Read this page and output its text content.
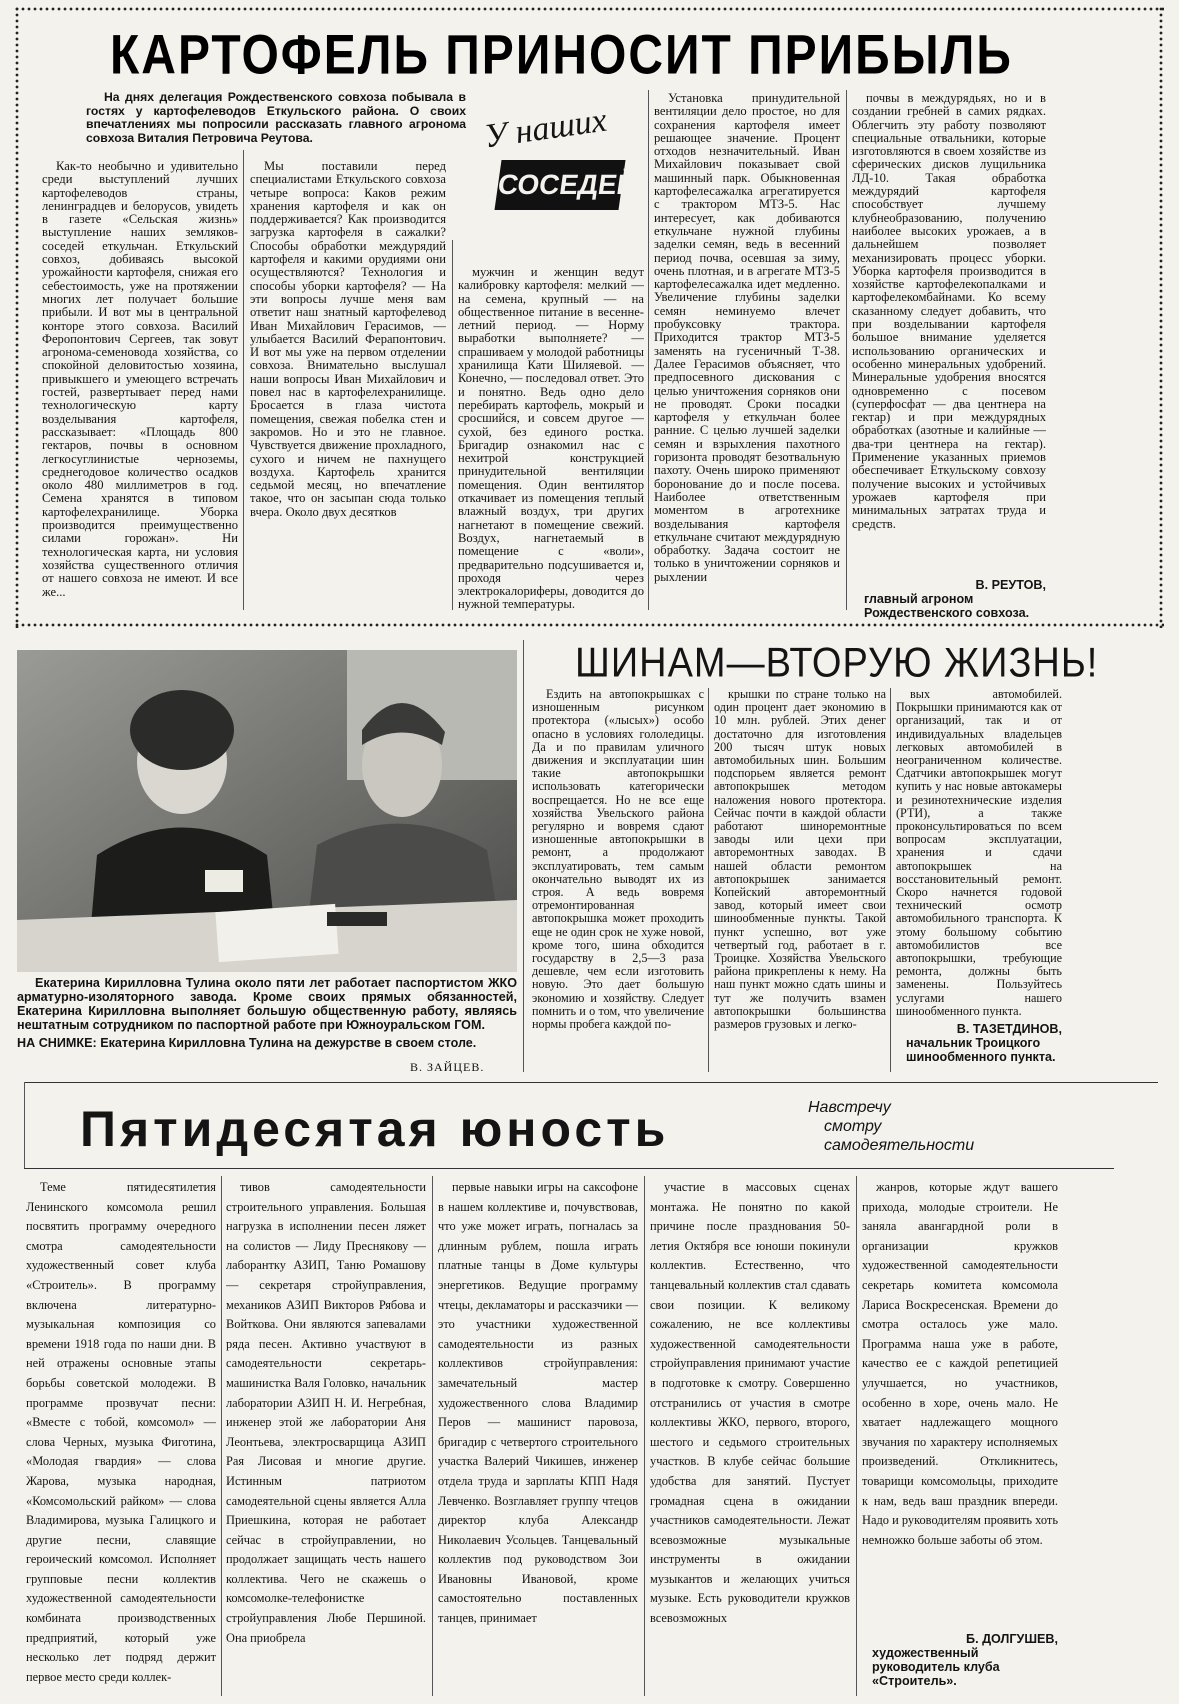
КАРТОФЕЛЬ ПРИНОСИТ ПРИБЫЛЬ
На днях делегация Рождественского совхоза побывала в гостях у картофелеводов Еткульского района. О своих впечатлениях мы попросили рассказать главного агронома совхоза Виталия Петровича Реутова.	У наших
СОСЕДЕЙ

Как-то необычно и удивительно среди выступлений лучших картофелеводов страны, ленинградцев и белорусов, увидеть в газете «Сельская жизнь» выступление наших земляков-соседей еткульчан. Еткульский совхоз, добиваясь высокой урожайности картофеля, снижая его себестоимость, уже на протяжении многих лет получает большие прибыли. И вот мы в центральной конторе этого совхоза. Василий Феропонтович Сергеев, так зовут агронома-семеновода хозяйства, со спокойной деловитостью хозяина, привыкшего и умеющего встречать гостей, развертывает перед нами технологическую карту возделывания картофеля, рассказывает: «Площадь 800 гектаров, почвы в основном легкосуглинистые черноземы, среднегодовое количество осадков около 480 миллиметров в год. Семена хранятся в типовом картофелехранилище. Уборка производится преимущественно силами горожан». Ни технологическая карта, ни условия хозяйства существенного отличия от нашего совхоза не имеют. И все же...

Мы поставили перед специалистами Еткульского совхоза четыре вопроса: Каков режим хранения картофеля и как он поддерживается? Как производится загрузка картофеля в сажалки? Способы обработки междурядий картофеля и какими орудиями они осуществляются? Технология и способы уборки картофеля? — На эти вопросы лучше меня вам ответит наш знатный картофелевод Иван Михайлович Герасимов, — улыбается Василий Ферапонтович. И вот мы уже на первом отделении совхоза. Внимательно выслушал наши вопросы Иван Михайлович и повел нас в картофелехранилище. Бросается в глаза чистота помещения, свежая побелка стен и закромов. Но и это не главное. Чувствуется движение прохладного, сухого и ничем не пахнущего воздуха. Картофель хранится седьмой месяц, но впечатление такое, что он засыпан сюда только вчера. Около двух десятков

мужчин и женщин ведут калибровку картофеля: мелкий — на семена, крупный — на общественное питание в весенне-летний период. — Норму выработки выполняете? — спрашиваем у молодой работницы хранилища Кати Шиляевой. — Конечно, — последовал ответ. Это и понятно. Ведь одно дело перебирать картофель, мокрый и сросшийся, и совсем другое — сухой, без единого ростка. Бригадир ознакомил нас с нехитрой конструкцией принудительной вентиляции помещения. Один вентилятор откачивает из помещения теплый влажный воздух, три других нагнетают в помещение свежий. Воздух, нагнетаемый в помещение с «воли», предварительно подсушивается и, проходя через электрокалориферы, доводится до нужной температуры.

Установка принудительной вентиляции дело простое, но для сохранения картофеля имеет решающее значение. Процент отходов незначительный. Иван Михайлович показывает свой машинный парк. Обыкновенная картофелесажалка агрегатируется с трактором МТЗ-5. Нас интересует, как добиваются еткульчане нужной глубины заделки семян, ведь в весенний период почва, осевшая за зиму, очень плотная, и в агрегате МТЗ-5 картофелесажалка идет медленно. Увеличение глубины заделки семян неминуемо влечет пробуксовку трактора. Приходится трактор МТЗ-5 заменять на гусеничный Т-38. Далее Герасимов объясняет, что предпосевного дискования с целью уничтожения сорняков они не проводят. Сроки посадки картофеля у еткульчан более ранние. С целью лучшей заделки семян и взрыхления пахотного горизонта проводят безотвальную пахоту. Очень широко применяют боронование до и после посева. Наиболее ответственным моментом в агротехнике возделывания картофеля еткульчане считают междурядную обработку. Задача состоит не только в уничтожении сорняков и рыхлении

почвы в междурядьях, но и в создании гребней в самих рядках. Облегчить эту работу позволяют специальные отвальники, которые изготовляются в своем хозяйстве из сферических дисков лущильника ЛД-10. Такая обработка междурядий картофеля способствует лучшему клубнеобразованию, получению наиболее высоких урожаев, а в дальнейшем позволяет механизировать процесс уборки. Уборка картофеля производится в хозяйстве картофелекопалками и картофелекомбайнами. Ко всему сказанному следует добавить, что при возделывании картофеля большое внимание уделяется использованию органических и особенно минеральных удобрений. Минеральные удобрения вносятся одновременно с посевом (суперфосфат — два центнера на гектар) и при междурядных обработках (азотные и калийные — два-три центнера на гектар). Применение указанных приемов обеспечивает Еткульскому совхозу получение высоких и устойчивых урожаев картофеля при минимальных затратах труда и средств.

В. РЕУТОВ,
главный агроном Рождественского совхоза.
Екатерина Кирилловна Тулина около пяти лет работает паспортистом ЖКО арматурно-изоляторного завода. Кроме своих прямых обязанностей, Екатерина Кирилловна выполняет большую общественную работу, являясь нештатным сотрудником по паспортной работе при Южноуральском ГОМ.
НА СНИМКЕ: Екатерина Кирилловна Тулина на дежурстве в своем столе.
В. ЗАЙЦЕВ.
ШИНАМ—ВТОРУЮ ЖИЗНЬ!

Ездить на автопокрышках с изношенным рисунком протектора («лысых») особо опасно в условиях гололедицы. Да и по правилам уличного движения и эксплуатации шин такие автопокрышки использовать категорически воспрещается. Но не все еще хозяйства Увельского района регулярно и вовремя сдают изношенные автопокрышки в ремонт, а продолжают эксплуатировать, тем самым окончательно выводят их из строя. А ведь вовремя отремонтированная автопокрышка может проходить еще не один срок не хуже новой, кроме того, шина обходится государству в 2,5—3 раза дешевле, чем если изготовить новую. Это дает большую экономию и хозяйству. Следует помнить и о том, что увеличение нормы пробега каждой по-

крышки по стране только на один процент дает экономию в 10 млн. рублей. Этих денег достаточно для изготовления 200 тысяч штук новых автомобильных шин. Большим подспорьем является ремонт автопокрышек методом наложения нового протектора. Сейчас почти в каждой области работают шиноремонтные заводы или цехи при авторемонтных заводах. В нашей области ремонтом автопокрышек занимается Копейский авторемонтный завод, который имеет свои шинообменные пункты. Такой пункт успешно, вот уже четвертый год, работает в г. Троицке. Хозяйства Увельского района прикреплены к нему. На наш пункт можно сдать шины и тут же получить взамен автопокрышки большинства размеров грузовых и легко-

вых автомобилей. Покрышки принимаются как от организаций, так и от индивидуальных владельцев легковых автомобилей в неограниченном количестве. Сдатчики автопокрышек могут купить у нас новые автокамеры и резинотехнические изделия (РТИ), а также проконсультироваться по всем вопросам эксплуатации, хранения и сдачи автопокрышек на восстановительный ремонт. Скоро начнется годовой технический осмотр автомобильного транспорта. К этому большому событию автомобилистов все автопокрышки, требующие ремонта, должны быть заменены. Пользуйтесь услугами нашего шинообменного пункта.

В. ТАЗЕТДИНОВ,
начальник Троицкого шинообменного пункта.
Пятидесятая юность	Навстречу
смотру
самодеятельности

Теме пятидесятилетия Ленинского комсомола решил посвятить программу очередного смотра самодеятельности художественный совет клуба «Строитель». В программу включена литературно-музыкальная композиция со времени 1918 года по наши дни. В ней отражены основные этапы борьбы советской молодежи. В программе прозвучат песни: «Вместе с тобой, комсомол» — слова Черных, музыка Фиготина, «Молодая гвардия» — слова Жарова, музыка народная, «Комсомольский райком» — слова Владимирова, музыка Галицкого и другие песни, славящие героический комсомол. Исполняет групповые песни коллектив художественной самодеятельности комбината производственных предприятий, который уже несколько лет подряд держит первое место среди коллек-

тивов самодеятельности строительного управления. Большая нагрузка в исполнении песен ляжет на солистов — Лиду Преснякову — лаборантку АЗИП, Таню Ромашову — секретаря стройуправления, механиков АЗИП Викторов Рябова и Войткова. Они являются запевалами ряда песен. Активно участвуют в самодеятельности секретарь-машинистка Валя Головко, начальник лаборатории АЗИП Н. И. Негребная, инженер этой же лаборатории Аня Леонтьева, электросварщица АЗИП Рая Лисовая и многие другие. Истинным патриотом самодеятельной сцены является Алла Приешкина, которая не работает сейчас в стройуправлении, но продолжает защищать честь нашего коллектива. Чего не скажешь о комсомолке-телефонистке стройуправления Любе Першиной. Она приобрела

первые навыки игры на саксофоне в нашем коллективе и, почувствовав, что уже может играть, погналась за длинным рублем, пошла играть платные танцы в Доме культуры энергетиков. Ведущие программу чтецы, декламаторы и рассказчики — это участники художественной самодеятельности из разных коллективов стройуправления: замечательный мастер художественного слова Владимир Перов — машинист паровоза, бригадир с четвертого строительного участка Валерий Чикишев, инженер отдела труда и зарплаты КПП Надя Левченко. Возглавляет группу чтецов директор клуба Александр Николаевич Усольцев. Танцевальный коллектив под руководством Зои Ивановны Ивановой, кроме самостоятельно поставленных танцев, принимает

участие в массовых сценах монтажа. Не понятно по какой причине после празднования 50-летия Октября все юноши покинули коллектив. Естественно, что танцевальный коллектив стал сдавать свои позиции. К великому сожалению, не все коллективы художественной самодеятельности стройуправления принимают участие в подготовке к смотру. Совершенно отстранились от участия в смотре коллективы ЖКО, первого, второго, шестого и седьмого строительных участков. В клубе сейчас большие удобства для занятий. Пустует громадная сцена в ожидании участников самодеятельности. Лежат всевозможные музыкальные инструменты в ожидании музыкантов и желающих учиться музыке. Есть руководители кружков всевозможных

жанров, которые ждут вашего прихода, молодые строители. Не заняла авангардной роли в организации кружков художественной самодеятельности секретарь комитета комсомола Лариса Воскресенская. Времени до смотра осталось уже мало. Программа наша уже в работе, качество ее с каждой репетицией улучшается, но участников, особенно в хоре, очень мало. Не хватает надлежащего мощного звучания по характеру исполняемых произведений. Откликнитесь, товарищи комсомольцы, приходите к нам, ведь ваш праздник впереди. Надо и руководителям проявить хоть немножко больше заботы об этом.

Б. ДОЛГУШЕВ,
художественный руководитель клуба «Строитель».
